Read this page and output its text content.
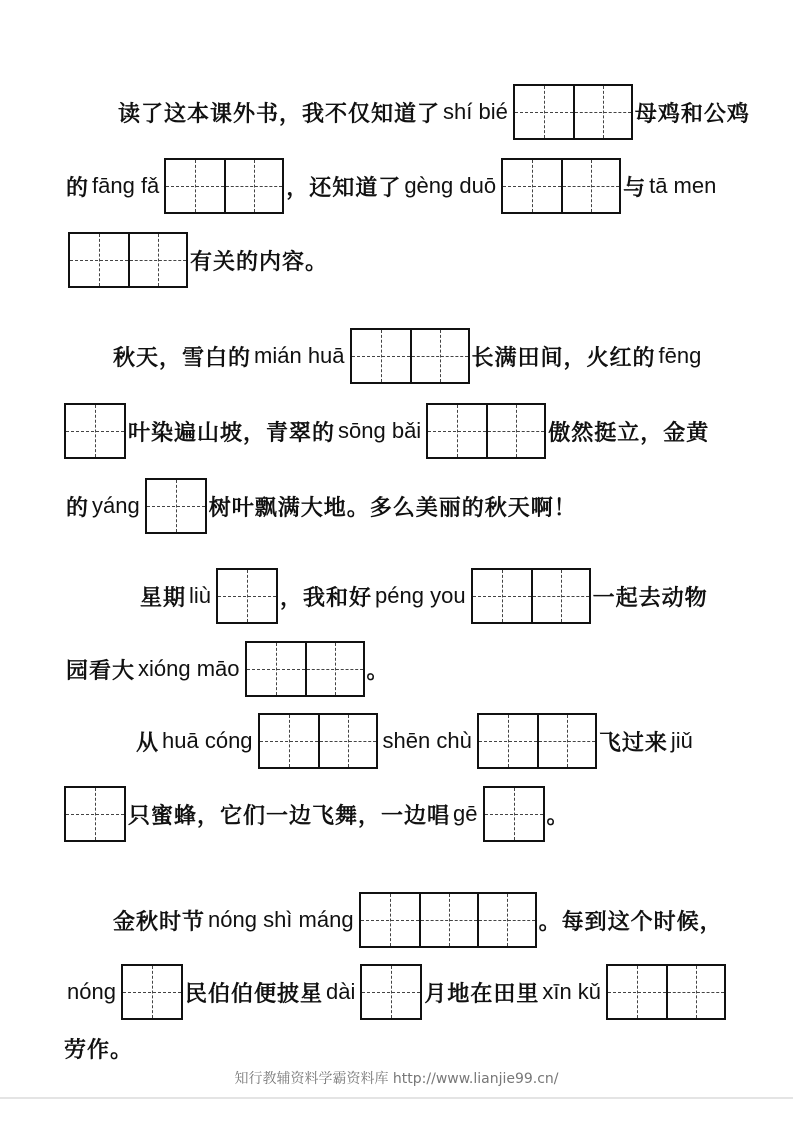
读了这本课外书，我不仅知道了 shí bié	母鸡和公鸡
的 fāng fǎ	，还知道了 gèng duō	与 tā men
有关的内容。
秋天，雪白的 mián huā	长满田间，火红的 fēng
叶染遍山坡，青翠的 sōng bǎi	傲然挺立，金黄
的 yáng	树叶飘满大地。多么美丽的秋天啊！
星期 liù	，我和好 péng you	一起去动物
园看大 xióng māo	。
从 huā cóng	shēn chù	飞过来 jiǔ
只蜜蜂，它们一边飞舞，一边唱 gē	。
金秋时节 nóng shì máng	。每到这个时候，
nóng	民伯伯便披星 dài	月地在田里 xīn kǔ
劳作。
知行教辅资料学霸资料库 http://www.lianjie99.cn/
